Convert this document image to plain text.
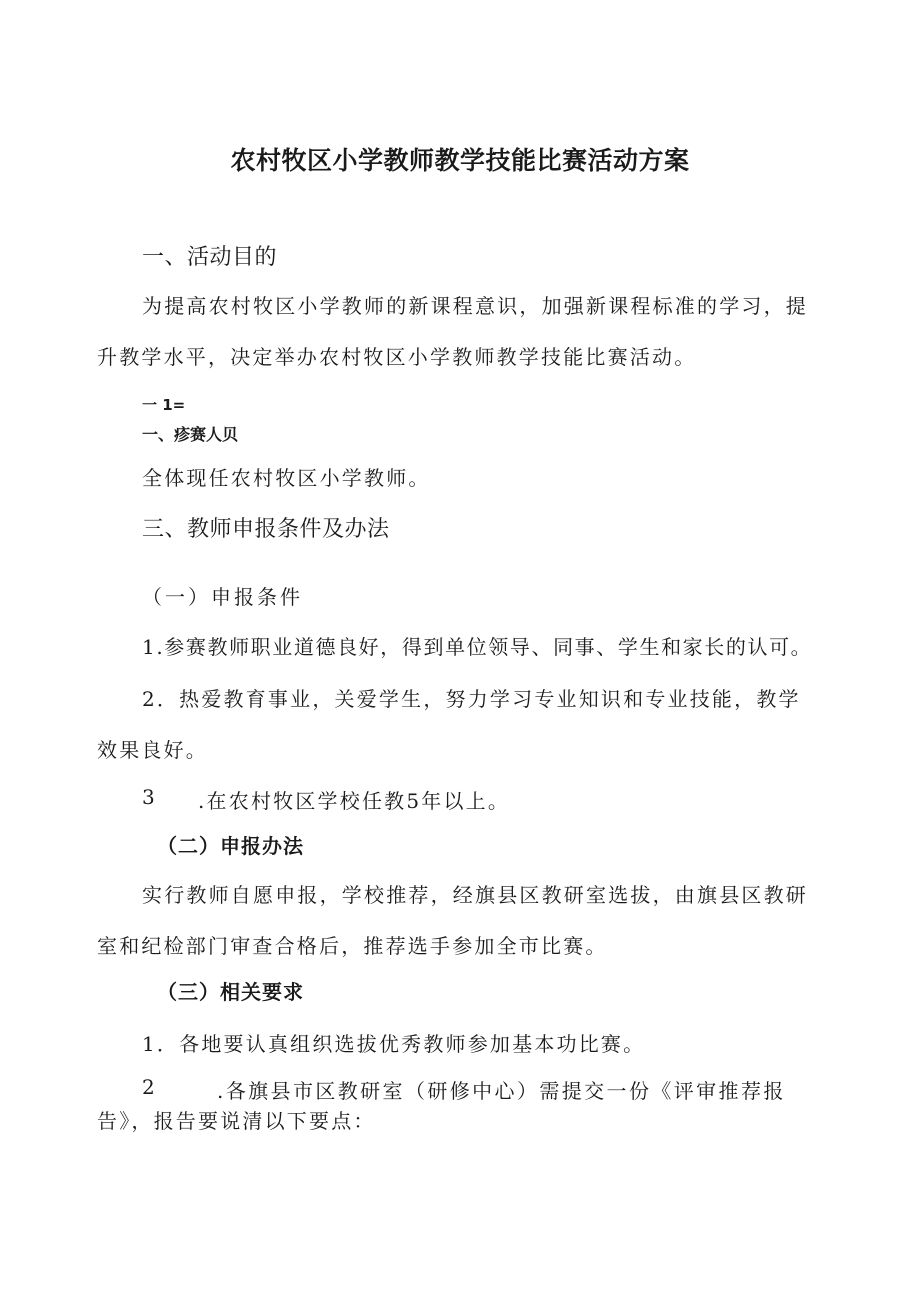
农村牧区小学教师教学技能比赛活动方案
一、活动目的
为提高农村牧区小学教师的新课程意识，加强新课程标准的学习，提
升教学水平，决定举办农村牧区小学教师教学技能比赛活动。
一 1=
一、疹赛人贝
全体现任农村牧区小学教师。
三、教师申报条件及办法
（一）申报条件
1.参赛教师职业道德良好，得到单位领导、同事、学生和家长的认可。
2．热爱教育事业，关爱学生，努力学习专业知识和专业技能，教学
效果良好。
3 .在农村牧区学校任教5年以上。
（二）申报办法
实行教师自愿申报，学校推荐，经旗县区教研室选拔，由旗县区教研
室和纪检部门审查合格后，推荐选手参加全市比赛。
（三）相关要求
1．各地要认真组织选拔优秀教师参加基本功比赛。
2	.各旗县市区教研室（研修中心）需提交一份《评审推荐报
告》，报告要说清以下要点：
